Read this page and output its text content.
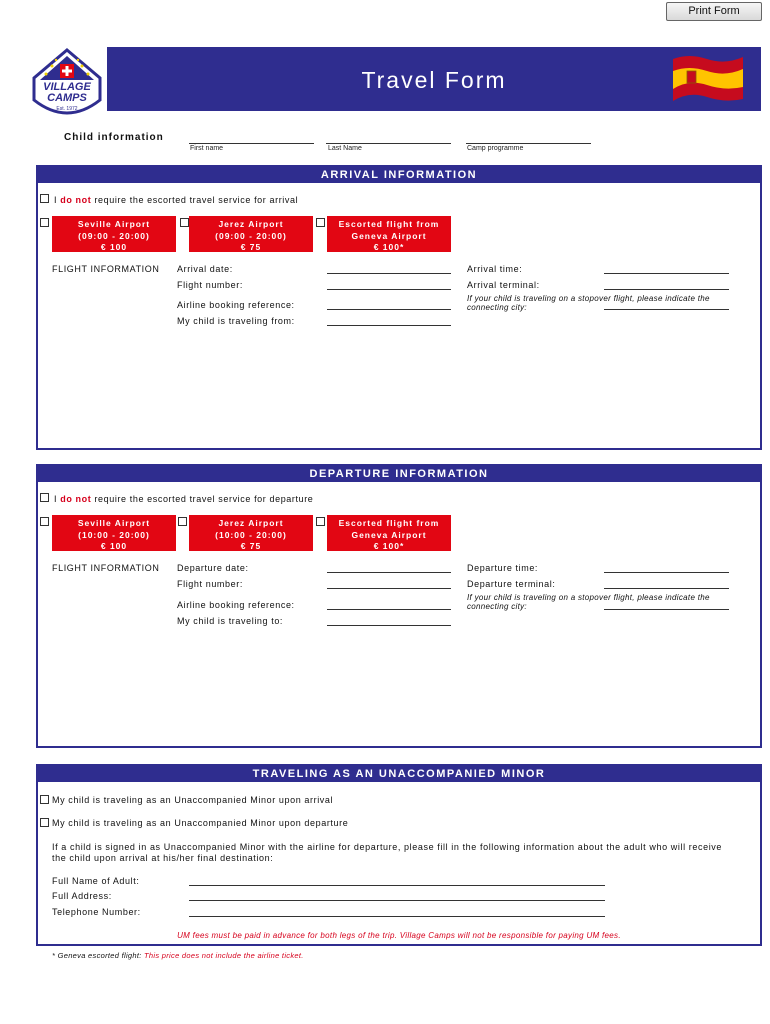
Print Form
VILLAGE
CAMPS
Est. 1972
Travel Form
Child information
First name	Last Name	Camp programme
ARRIVAL INFORMATION
I do not require the escorted travel service for arrival
Seville Airport
(09:00 - 20:00)
€ 100
Jerez Airport
(09:00 - 20:00)
€ 75
Escorted flight from
Geneva Airport
€ 100*
FLIGHT INFORMATION Arrival date:
Flight number:
Airline booking reference:
My child is traveling from:
Arrival time:
Arrival terminal:
If your child is traveling on a stopover flight, please indicate the connecting city:
DEPARTURE INFORMATION
I do not require the escorted travel service for departure
Seville Airport
(10:00 - 20:00)
€ 100
Jerez Airport
(10:00 - 20:00)
€ 75
Escorted flight from
Geneva Airport
€ 100*
FLIGHT INFORMATION Departure date:
Flight number:
Airline booking reference:
My child is traveling to:
Departure time:
Departure terminal:
If your child is traveling on a stopover flight, please indicate the connecting city:
TRAVELING AS AN UNACCOMPANIED MINOR
My child is traveling as an Unaccompanied Minor upon arrival
My child is traveling as an Unaccompanied Minor upon departure
If a child is signed in as Unaccompanied Minor with the airline for departure, please fill in the following information about the adult who will receive
the child upon arrival at his/her final destination:
Full Name of Adult:
Full Address:
Telephone Number:
UM fees must be paid in advance for both legs of the trip. Village Camps will not be responsible for paying UM fees.
* Geneva escorted flight: This price does not include the airline ticket.
